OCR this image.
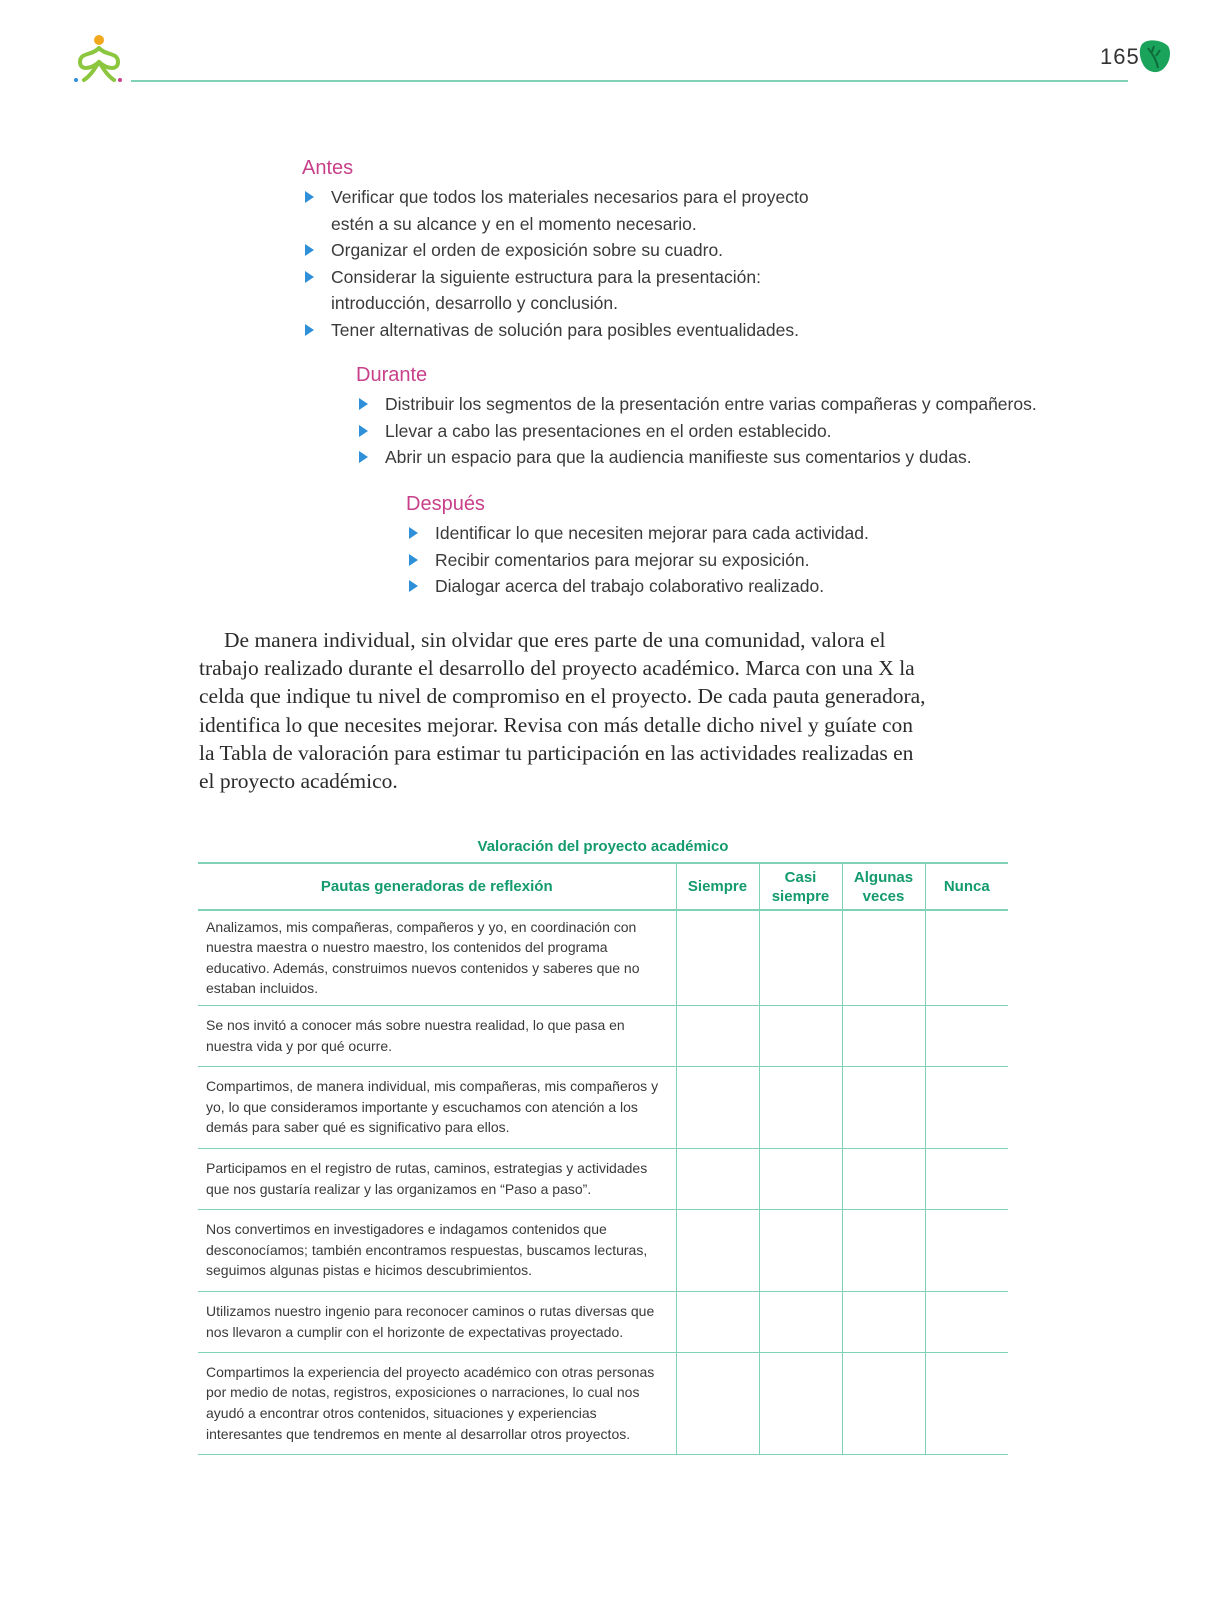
165
Antes
Verificar que todos los materiales necesarios para el proyecto estén a su alcance y en el momento necesario.
Organizar el orden de exposición sobre su cuadro.
Considerar la siguiente estructura para la presentación: introducción, desarrollo y conclusión.
Tener alternativas de solución para posibles eventualidades.
Durante
Distribuir los segmentos de la presentación entre varias compañeras y compañeros.
Llevar a cabo las presentaciones en el orden establecido.
Abrir un espacio para que la audiencia manifieste sus comentarios y dudas.
Después
Identificar lo que necesiten mejorar para cada actividad.
Recibir comentarios para mejorar su exposición.
Dialogar acerca del trabajo colaborativo realizado.

De manera individual, sin olvidar que eres parte de una comunidad, valora el trabajo realizado durante el desarrollo del proyecto académico. Marca con una X la celda que indique tu nivel de compromiso en el proyecto. De cada pauta generadora, identifica lo que necesites mejorar. Revisa con más detalle dicho nivel y guíate con la Tabla de valoración para estimar tu participación en las actividades realizadas en el proyecto académico.

Valoración del proyecto académico
Pautas generadoras de reflexión	Siempre	Casi siempre	Algunas veces	Nunca
Analizamos, mis compañeras, compañeros y yo, en coordinación con nuestra maestra o nuestro maestro, los contenidos del programa educativo. Además, construimos nuevos contenidos y saberes que no estaban incluidos.				
Se nos invitó a conocer más sobre nuestra realidad, lo que pasa en nuestra vida y por qué ocurre.				
Compartimos, de manera individual, mis compañeras, mis compañeros y yo, lo que consideramos importante y escuchamos con atención a los demás para saber qué es significativo para ellos.				
Participamos en el registro de rutas, caminos, estrategias y actividades que nos gustaría realizar y las organizamos en “Paso a paso”.				
Nos convertimos en investigadores e indagamos contenidos que desconocíamos; también encontramos respuestas, buscamos lecturas, seguimos algunas pistas e hicimos descubrimientos.				
Utilizamos nuestro ingenio para reconocer caminos o rutas diversas que nos llevaron a cumplir con el horizonte de expectativas proyectado.				
Compartimos la experiencia del proyecto académico con otras personas por medio de notas, registros, exposiciones o narraciones, lo cual nos ayudó a encontrar otros contenidos, situaciones y experiencias interesantes que tendremos en mente al desarrollar otros proyectos.				
